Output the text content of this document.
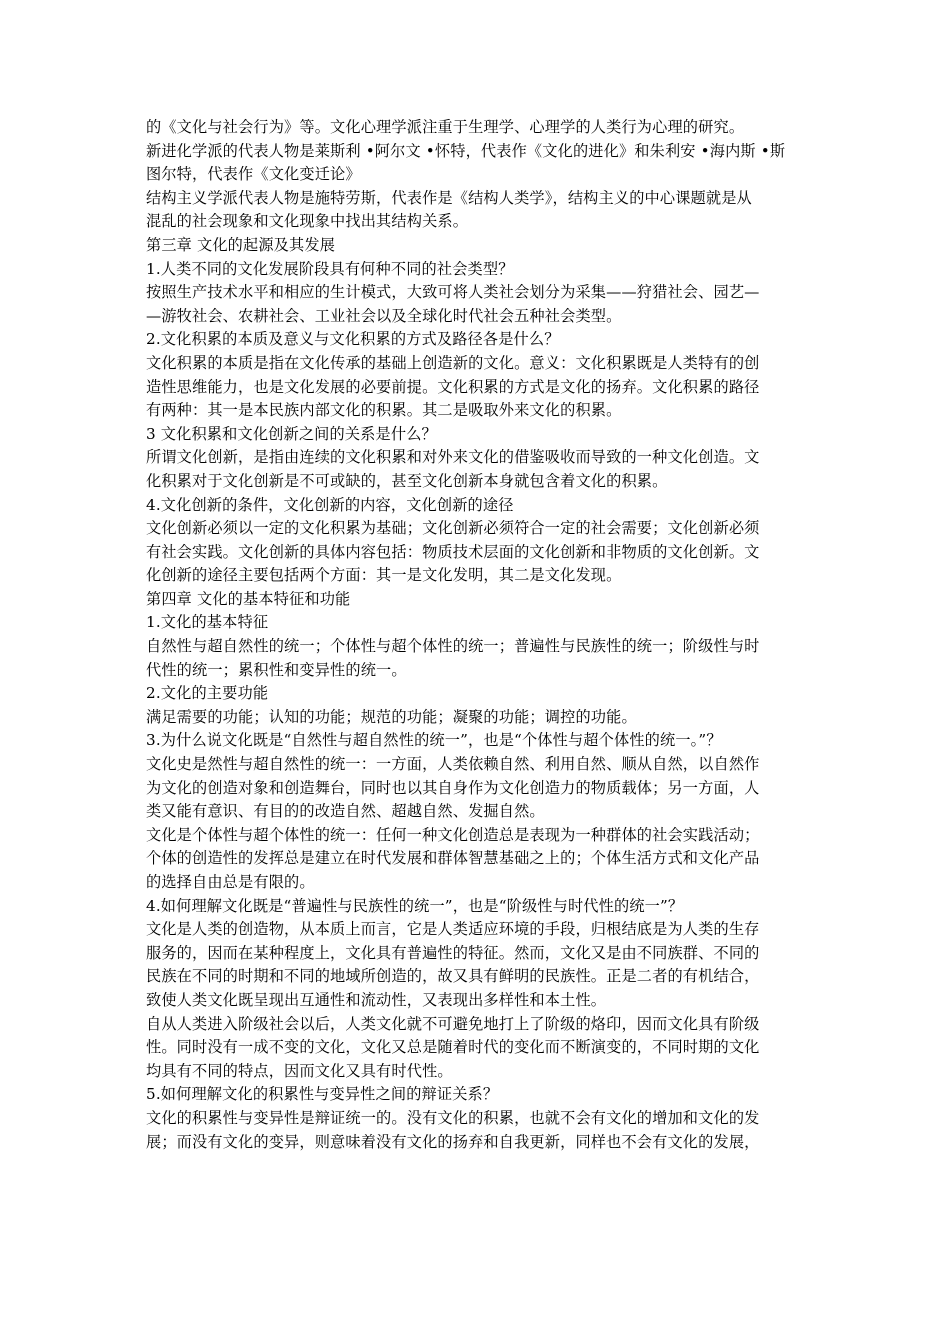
的《文化与社会行为》等。文化心理学派注重于生理学、心理学的人类行为心理的研究。
新进化学派的代表人物是莱斯利 •阿尔文 •怀特，代表作《文化的进化》和朱利安 •海内斯 •斯
图尔特，代表作《文化变迁论》
结构主义学派代表人物是施特劳斯，代表作是《结构人类学》，结构主义的中心课题就是从
混乱的社会现象和文化现象中找出其结构关系。
第三章 文化的起源及其发展
1.人类不同的文化发展阶段具有何种不同的社会类型？
按照生产技术水平和相应的生计模式，大致可将人类社会划分为采集——狩猎社会、园艺—
—游牧社会、农耕社会、工业社会以及全球化时代社会五种社会类型。
2.文化积累的本质及意义与文化积累的方式及路径各是什么？
文化积累的本质是指在文化传承的基础上创造新的文化。意义：文化积累既是人类特有的创
造性思维能力，也是文化发展的必要前提。文化积累的方式是文化的扬弃。文化积累的路径
有两种：其一是本民族内部文化的积累。其二是吸取外来文化的积累。
3 文化积累和文化创新之间的关系是什么？
所谓文化创新，是指由连续的文化积累和对外来文化的借鉴吸收而导致的一种文化创造。文
化积累对于文化创新是不可或缺的，甚至文化创新本身就包含着文化的积累。
4.文化创新的条件，文化创新的内容，文化创新的途径
文化创新必须以一定的文化积累为基础；文化创新必须符合一定的社会需要；文化创新必须
有社会实践。文化创新的具体内容包括：物质技术层面的文化创新和非物质的文化创新。文
化创新的途径主要包括两个方面：其一是文化发明，其二是文化发现。
第四章 文化的基本特征和功能
1.文化的基本特征
自然性与超自然性的统一；个体性与超个体性的统一；普遍性与民族性的统一；阶级性与时
代性的统一；累积性和变异性的统一。
2.文化的主要功能
满足需要的功能；认知的功能；规范的功能；凝聚的功能；调控的功能。
3.为什么说文化既是“自然性与超自然性的统一”，也是“个体性与超个体性的统一。”？
文化史是然性与超自然性的统一：一方面，人类依赖自然、利用自然、顺从自然，以自然作
为文化的创造对象和创造舞台，同时也以其自身作为文化创造力的物质载体；另一方面，人
类又能有意识、有目的的改造自然、超越自然、发掘自然。
文化是个体性与超个体性的统一：任何一种文化创造总是表现为一种群体的社会实践活动；
个体的创造性的发挥总是建立在时代发展和群体智慧基础之上的；个体生活方式和文化产品
的选择自由总是有限的。
4.如何理解文化既是“普遍性与民族性的统一”，也是“阶级性与时代性的统一”？
文化是人类的创造物，从本质上而言，它是人类适应环境的手段，归根结底是为人类的生存
服务的，因而在某种程度上，文化具有普遍性的特征。然而，文化又是由不同族群、不同的
民族在不同的时期和不同的地域所创造的，故又具有鲜明的民族性。正是二者的有机结合，
致使人类文化既呈现出互通性和流动性，又表现出多样性和本土性。
自从人类进入阶级社会以后，人类文化就不可避免地打上了阶级的烙印，因而文化具有阶级
性。同时没有一成不变的文化，文化又总是随着时代的变化而不断演变的，不同时期的文化
均具有不同的特点，因而文化又具有时代性。
5.如何理解文化的积累性与变异性之间的辩证关系？
文化的积累性与变异性是辩证统一的。没有文化的积累，也就不会有文化的增加和文化的发
展；而没有文化的变异，则意味着没有文化的扬弃和自我更新，同样也不会有文化的发展，
